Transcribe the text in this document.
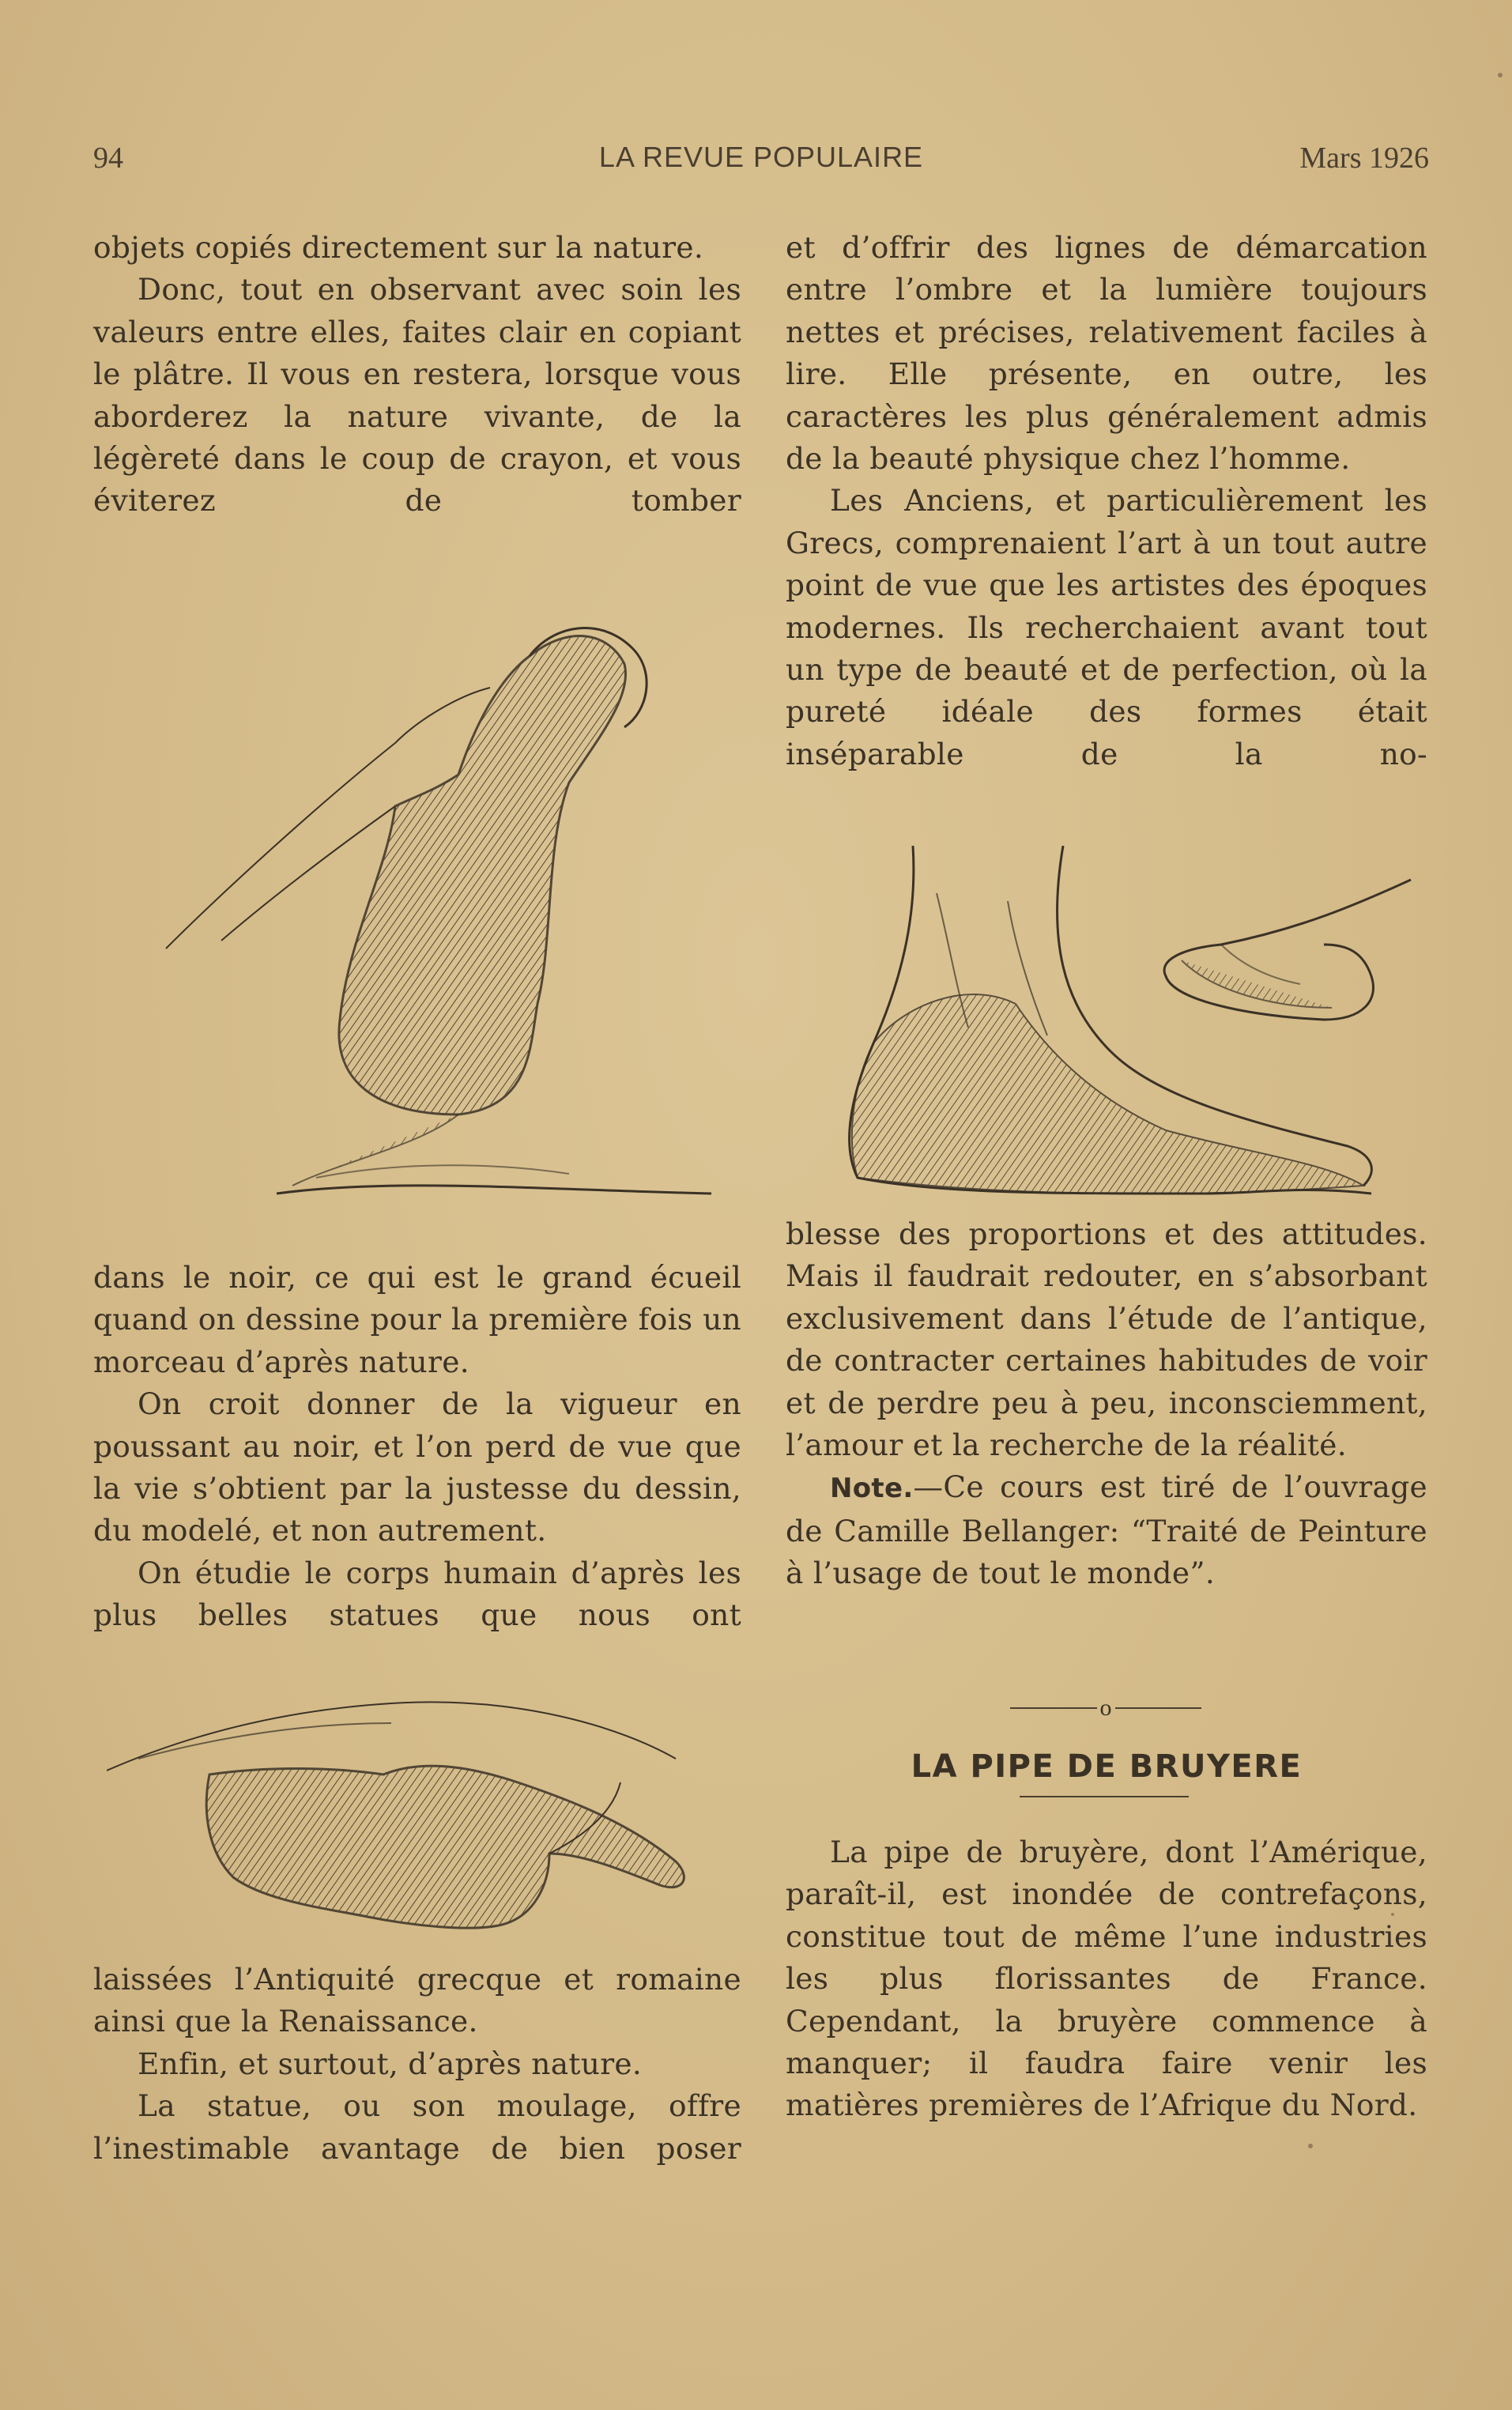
94	LA REVUE POPULAIRE	Mars 1926

objets copiés directement sur la nature.

Donc, tout en observant avec soin les valeurs entre elles, faites clair en copiant le plâtre. Il vous en restera, lorsque vous aborderez la nature vivante, de la légèreté dans le coup de crayon, et vous éviterez de tomber

dans le noir, ce qui est le grand écueil quand on dessine pour la première fois un morceau d’après nature.

On croit donner de la vigueur en poussant au noir, et l’on perd de vue que la vie s’obtient par la justesse du dessin, du modelé, et non autrement.

On étudie le corps humain d’après les plus belles statues que nous ont

laissées l’Antiquité grecque et romaine ainsi que la Renaissance.

Enfin, et surtout, d’après nature.

La statue, ou son moulage, offre l’inestimable avantage de bien poser

et d’offrir des lignes de démarcation entre l’ombre et la lumière toujours nettes et précises, relativement faciles à lire. Elle présente, en outre, les caractères les plus généralement admis de la beauté physique chez l’homme.

Les Anciens, et particulièrement les Grecs, comprenaient l’art à un tout autre point de vue que les artistes des époques modernes. Ils recherchaient avant tout un type de beauté et de perfection, où la pureté idéale des formes était inséparable de la no-

blesse des proportions et des attitudes. Mais il faudrait redouter, en s’absorbant exclusivement dans l’étude de l’antique, de contracter certaines habitudes de voir et de perdre peu à peu, inconsciemment, l’amour et la recherche de la réalité.

Note.—Ce cours est tiré de l’ouvrage de Camille Bellanger: “Traité de Peinture à l’usage de tout le monde”.

o
LA PIPE DE BRUYERE

La pipe de bruyère, dont l’Amérique, paraît-il, est inondée de contrefaçons, constitue tout de même l’une industries les plus florissantes de France. Cependant, la bruyère commence à manquer; il faudra faire venir les matières premières de l’Afrique du Nord.
